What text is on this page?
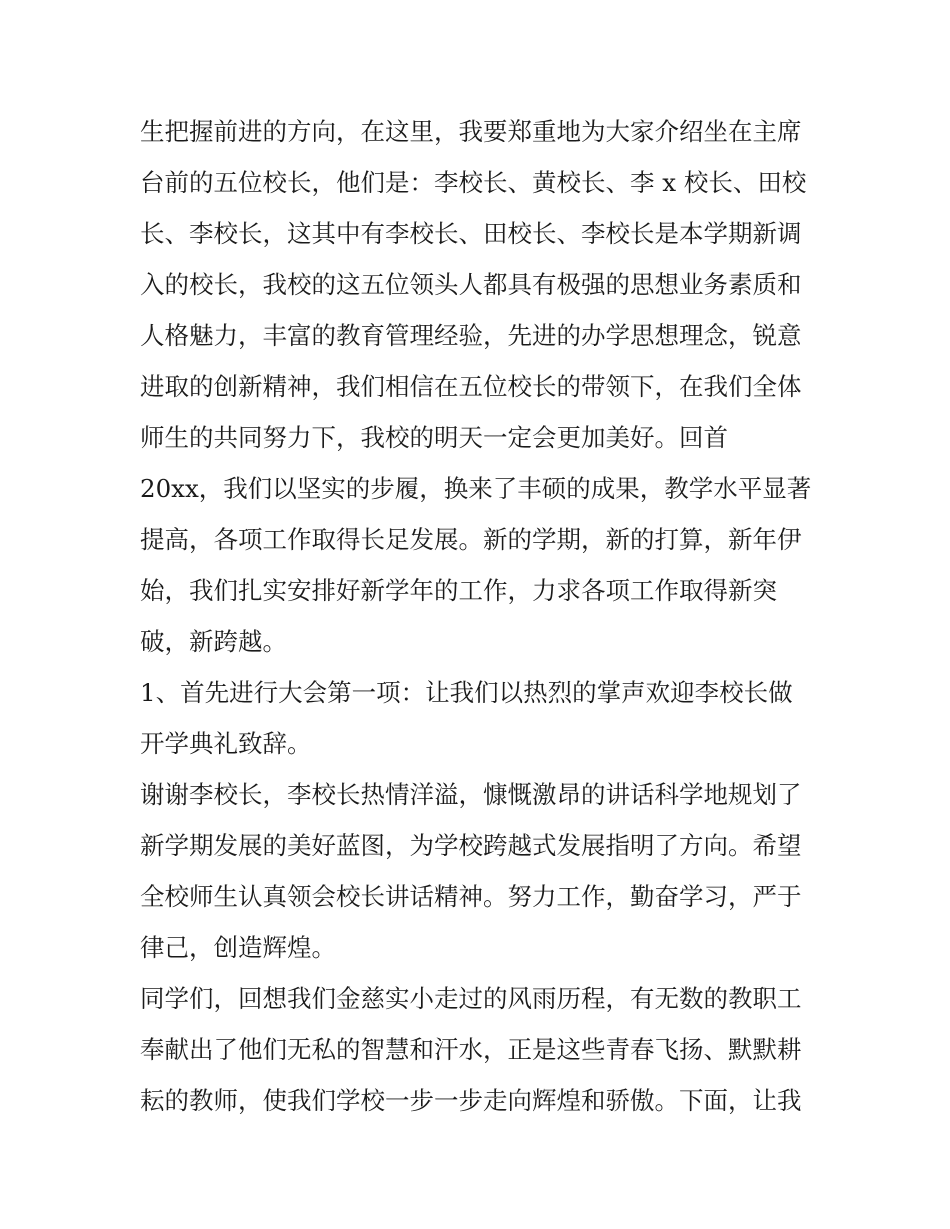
生把握前进的方向，在这里，我要郑重地为大家介绍坐在主席
台前的五位校长，他们是：李校长、黄校长、李 x 校长、田校
长、李校长，这其中有李校长、田校长、李校长是本学期新调
入的校长，我校的这五位领头人都具有极强的思想业务素质和
人格魅力，丰富的教育管理经验，先进的办学思想理念，锐意
进取的创新精神，我们相信在五位校长的带领下，在我们全体
师生的共同努力下，我校的明天一定会更加美好。回首
20xx，我们以坚实的步履，换来了丰硕的成果，教学水平显著
提高，各项工作取得长足发展。新的学期，新的打算，新年伊
始，我们扎实安排好新学年的工作，力求各项工作取得新突
破，新跨越。
1、首先进行大会第一项：让我们以热烈的掌声欢迎李校长做
开学典礼致辞。
谢谢李校长，李校长热情洋溢，慷慨激昂的讲话科学地规划了
新学期发展的美好蓝图，为学校跨越式发展指明了方向。希望
全校师生认真领会校长讲话精神。努力工作，勤奋学习，严于
律己，创造辉煌。
同学们，回想我们金慈实小走过的风雨历程，有无数的教职工
奉献出了他们无私的智慧和汗水，正是这些青春飞扬、默默耕
耘的教师，使我们学校一步一步走向辉煌和骄傲。下面，让我
